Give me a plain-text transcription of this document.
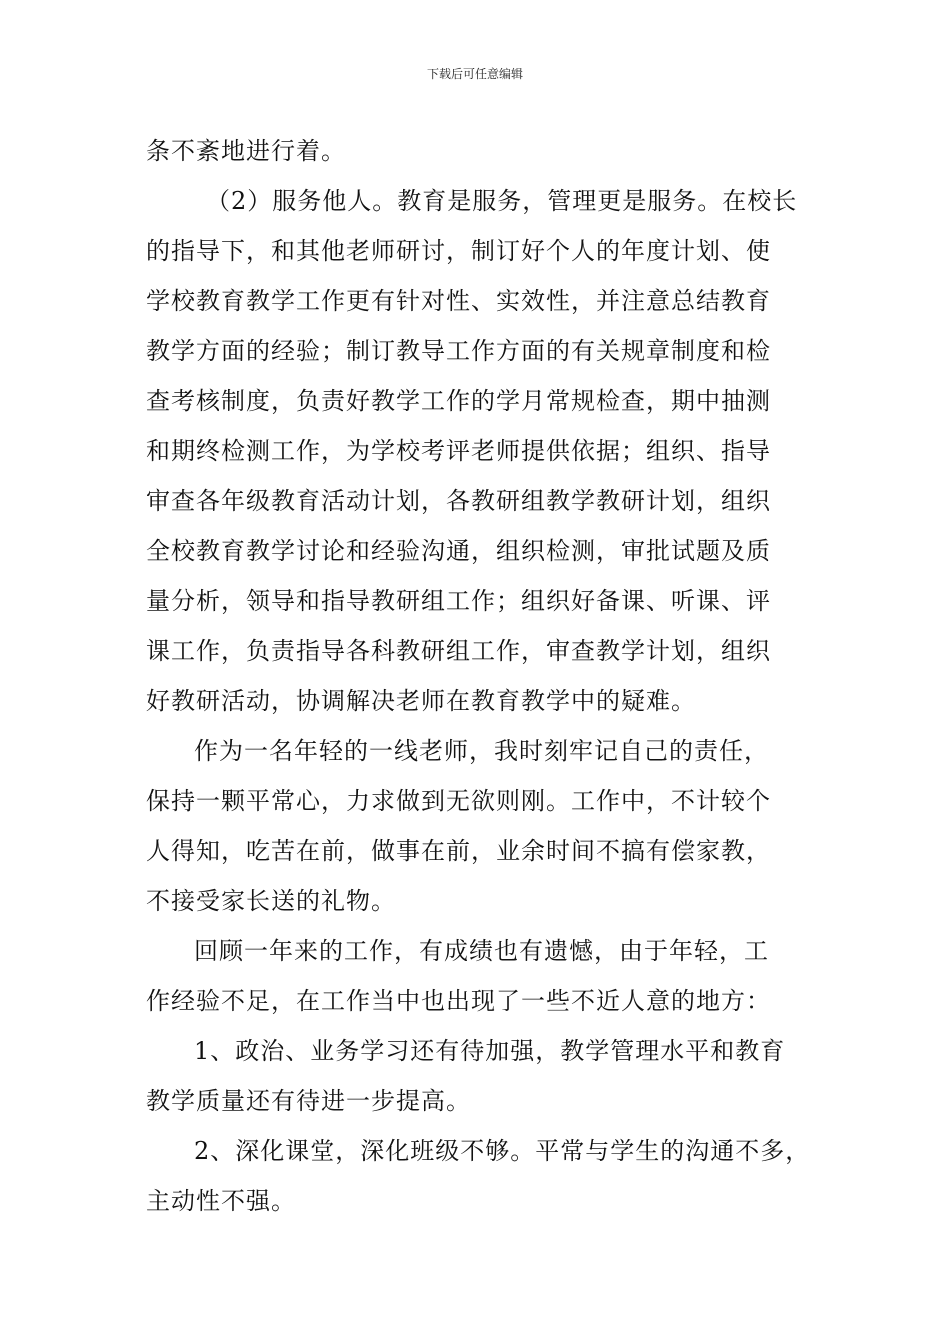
下载后可任意编辑
条不紊地进行着。
（2）服务他人。教育是服务，管理更是服务。在校长
的指导下，和其他老师研讨，制订好个人的年度计划、使
学校教育教学工作更有针对性、实效性，并注意总结教育
教学方面的经验；制订教导工作方面的有关规章制度和检
查考核制度，负责好教学工作的学月常规检查，期中抽测
和期终检测工作，为学校考评老师提供依据；组织、指导
审查各年级教育活动计划，各教研组教学教研计划，组织
全校教育教学讨论和经验沟通，组织检测，审批试题及质
量分析，领导和指导教研组工作；组织好备课、听课、评
课工作，负责指导各科教研组工作，审查教学计划，组织
好教研活动，协调解决老师在教育教学中的疑难。
作为一名年轻的一线老师，我时刻牢记自己的责任，
保持一颗平常心，力求做到无欲则刚。工作中，不计较个
人得知，吃苦在前，做事在前，业余时间不搞有偿家教，
不接受家长送的礼物。
回顾一年来的工作，有成绩也有遗憾，由于年轻，工
作经验不足，在工作当中也出现了一些不近人意的地方：
1、政治、业务学习还有待加强，教学管理水平和教育
教学质量还有待进一步提高。
2、深化课堂，深化班级不够。平常与学生的沟通不多，
主动性不强。
